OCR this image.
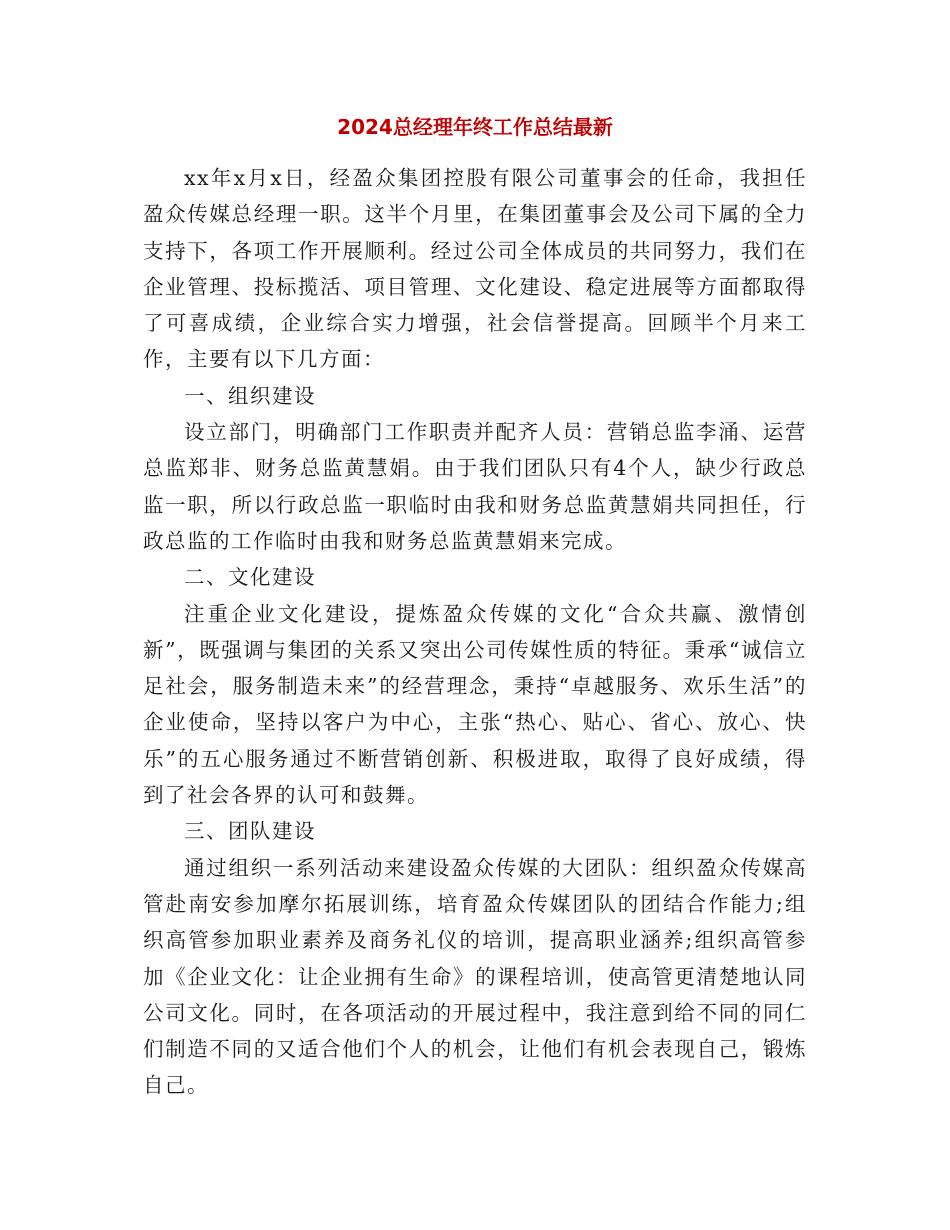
2024总经理年终工作总结最新

xx年x月x日，经盈众集团控股有限公司董事会的任命，我担任盈众传媒总经理一职。这半个月里，在集团董事会及公司下属的全力支持下，各项工作开展顺利。经过公司全体成员的共同努力，我们在企业管理、投标揽活、项目管理、文化建设、稳定进展等方面都取得了可喜成绩，企业综合实力增强，社会信誉提高。回顾半个月来工作，主要有以下几方面：

一、组织建设

设立部门，明确部门工作职责并配齐人员：营销总监李涌、运营总监郑非、财务总监黄慧娟。由于我们团队只有4个人，缺少行政总监一职，所以行政总监一职临时由我和财务总监黄慧娟共同担任，行政总监的工作临时由我和财务总监黄慧娟来完成。

二、文化建设

注重企业文化建设，提炼盈众传媒的文化“合众共赢、激情创新”，既强调与集团的关系又突出公司传媒性质的特征。秉承“诚信立足社会，服务制造未来”的经营理念，秉持“卓越服务、欢乐生活”的企业使命，坚持以客户为中心，主张“热心、贴心、省心、放心、快乐”的五心服务通过不断营销创新、积极进取，取得了良好成绩，得到了社会各界的认可和鼓舞。

三、团队建设

通过组织一系列活动来建设盈众传媒的大团队：组织盈众传媒高管赴南安参加摩尔拓展训练，培育盈众传媒团队的团结合作能力;组织高管参加职业素养及商务礼仪的培训，提高职业涵养;组织高管参加《企业文化：让企业拥有生命》的课程培训，使高管更清楚地认同公司文化。同时，在各项活动的开展过程中，我注意到给不同的同仁们制造不同的又适合他们个人的机会，让他们有机会表现自己，锻炼自己。
